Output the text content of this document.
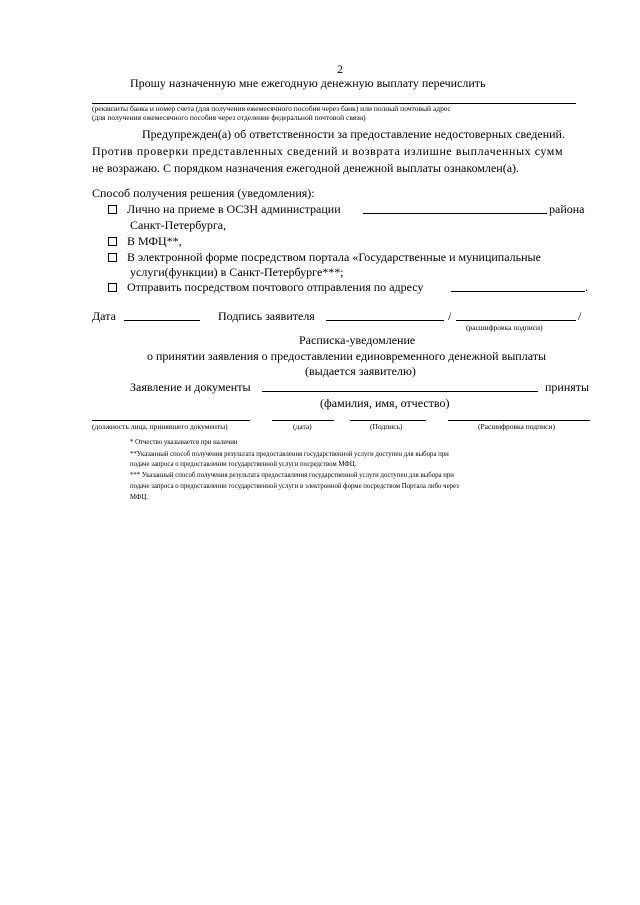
2
Прошу назначенную мне ежегодную денежную выплату перечислить
(реквизиты банка и номер счета (для получения ежемесячного пособия через банк) или полный почтовый адрес
(для получения ежемесячного пособия через отделение федеральной почтовой связи)
Предупрежден(а) об ответственности за предоставление недостоверных сведений.
Против проверки представленных сведений и возврата излишне выплаченных сумм
не возражаю. С порядком назначения ежегодной денежной выплаты ознакомлен(а).
Способ получения решения (уведомления):
Лично на приеме в ОСЗН администрации	района
Санкт-Петербурга,
В МФЦ**,
В электронной форме посредством портала «Государственные и муниципальные
услуги(функции) в Санкт-Петербурге***;
Отправить посредством почтового отправления по адресу	.
Дата	Подпись заявителя	/	/
(расшифровка подписи)
Расписка-уведомление
о принятии заявления о предоставлении единовременного денежной выплаты
(выдается заявителю)
Заявление и документы	приняты
(фамилия, имя, отчество)
(должность лица, принявшего документы)	(дата)	(Подпись)	(Расшифровка подписи)
* Отчество указывается при наличии
**Указанный способ получения результата предоставления государственной услуги доступен для выбора при
подаче запроса о предоставлении государственной услуги посредством МФЦ.
*** Указанный способ получения результата предоставления государственной услуги доступен для выбора при
подаче запроса о предоставлении государственной услуги в электронной форме посредством Портала либо через
МФЦ.
